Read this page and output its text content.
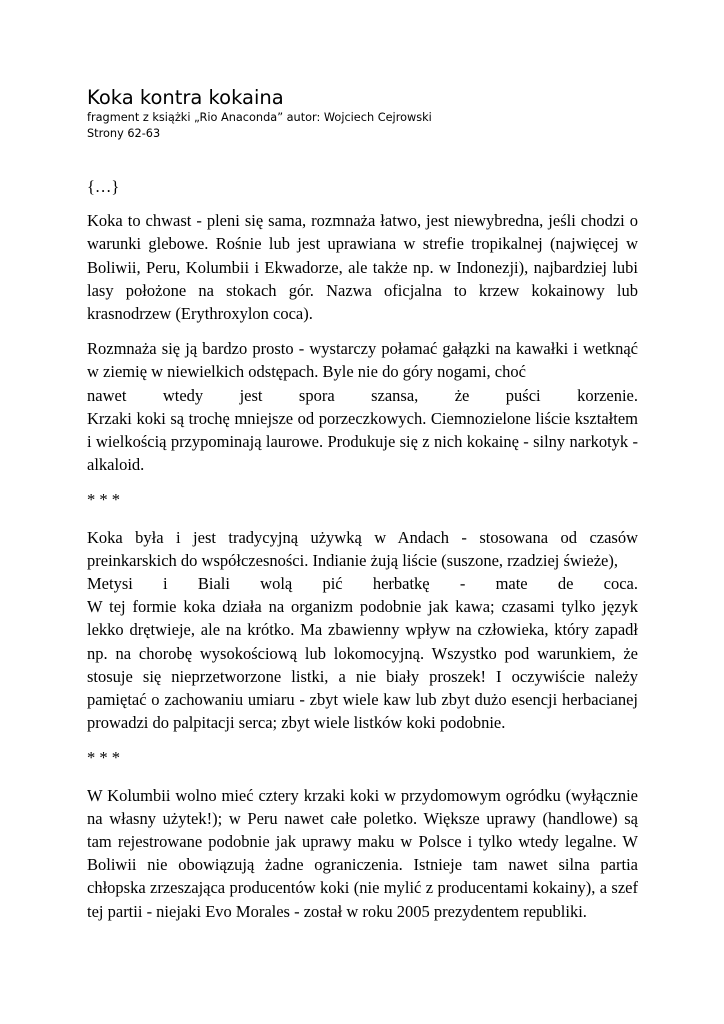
Koka kontra kokaina

fragment z książki „Rio Anaconda” autor: Wojciech Cejrowski

Strony 62-63

{…}

Koka to chwast - pleni się sama, rozmnaża łatwo, jest niewybredna, jeśli chodzi o warunki glebowe. Rośnie lub jest uprawiana w strefie tropikalnej (najwięcej w Boliwii, Peru, Kolumbii i Ekwadorze, ale także np. w Indonezji), najbardziej lubi lasy położone na stokach gór. Nazwa oficjalna to krzew kokainowy lub krasnodrzew (Erythroxylon coca).

Rozmnaża się ją bardzo prosto - wystarczy połamać gałązki na kawałki i wetknąć w ziemię w niewielkich odstępach. Byle nie do góry nogami, choć

nawet wtedy jest spora szansa, że puści korzenie.

Krzaki koki są trochę mniejsze od porzeczkowych. Ciemnozielone liście kształtem i wielkością przypominają laurowe. Produkuje się z nich kokainę - silny narkotyk - alkaloid.

* * *

Koka była i jest tradycyjną używką w Andach - stosowana od czasów preinkarskich do współczesności. Indianie żują liście (suszone, rzadziej świeże),

Metysi i Biali wolą pić herbatkę - mate de coca.

W tej formie koka działa na organizm podobnie jak kawa; czasami tylko język lekko drętwieje, ale na krótko. Ma zbawienny wpływ na człowieka, który zapadł np. na chorobę wysokościową lub lokomocyjną. Wszystko pod warunkiem, że stosuje się nieprzetworzone listki, a nie biały proszek! I oczywiście należy pamiętać o zachowaniu umiaru - zbyt wiele kaw lub zbyt dużo esencji herbacianej prowadzi do palpitacji serca; zbyt wiele listków koki podobnie.

* * *

W Kolumbii wolno mieć cztery krzaki koki w przydomowym ogródku (wyłącznie na własny użytek!); w Peru nawet całe poletko. Większe uprawy (handlowe) są tam rejestrowane podobnie jak uprawy maku w Polsce i tylko wtedy legalne. W Boliwii nie obowiązują żadne ograniczenia. Istnieje tam nawet silna partia chłopska zrzeszająca producentów koki (nie mylić z producentami kokainy), a szef tej partii - niejaki Evo Morales - został w roku 2005 prezydentem republiki.
